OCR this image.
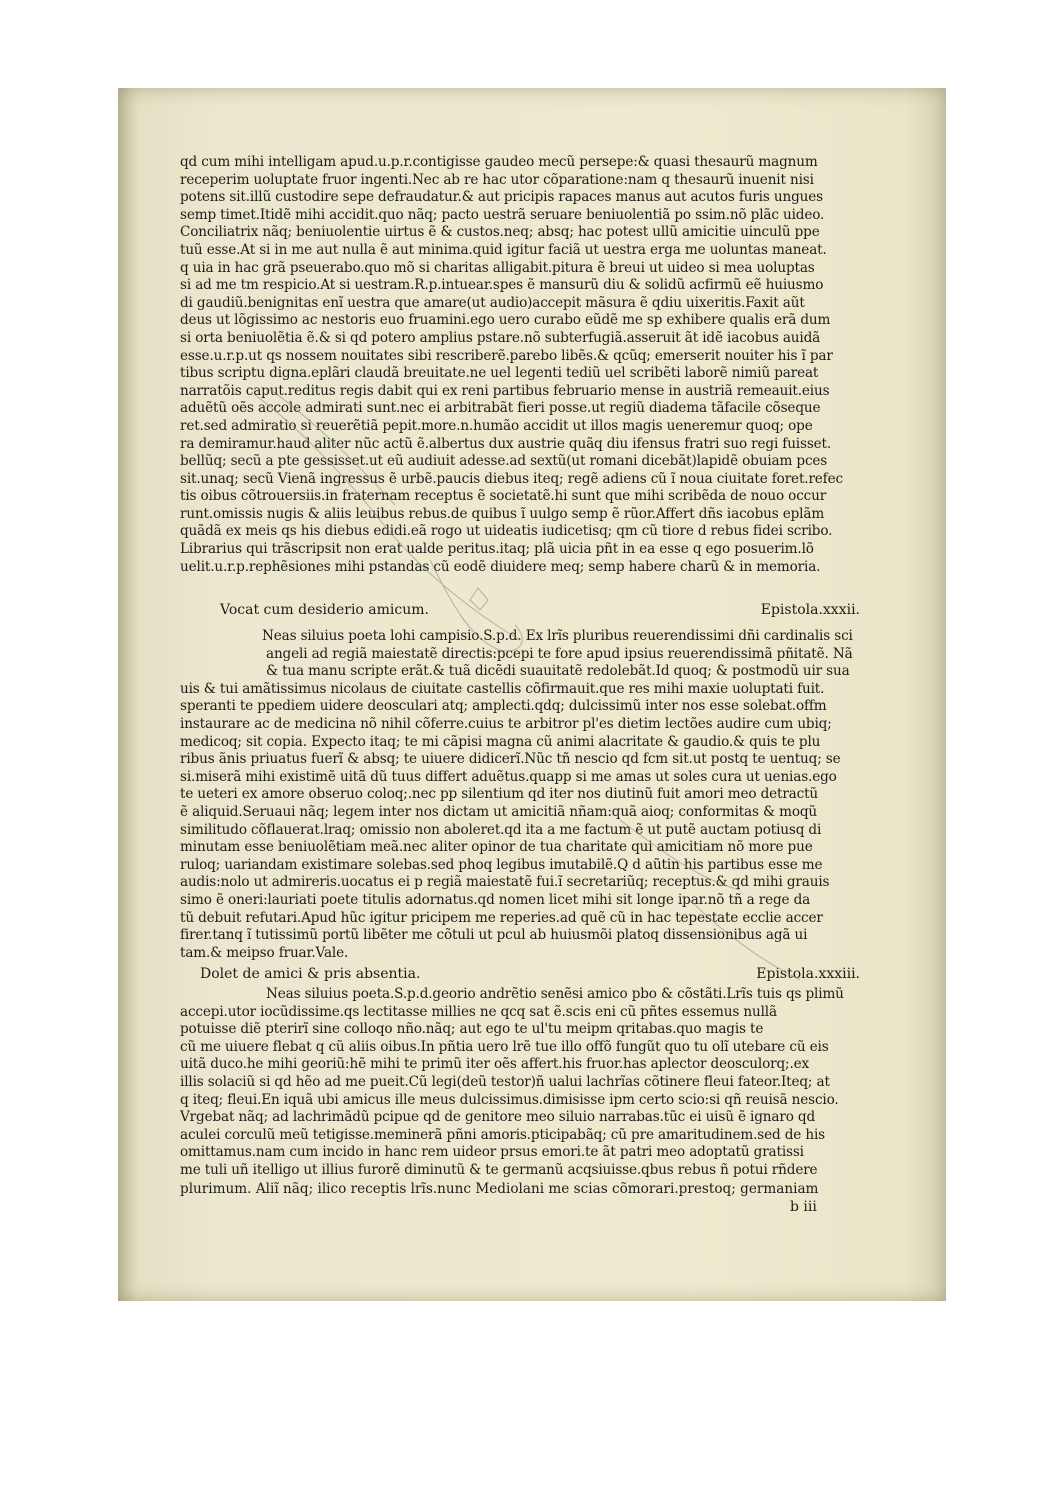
qd cum mihi intelligam apud.u.p.r.contigisse gaudeo mecũ persepe:& quasi thesaurũ magnum
receperim uoluptate fruor ingenti.Nec ab re hac utor cõparatione:nam q thesaurũ inuenit nisi
potens sit.illũ custodire sepe defraudatur.& aut pricipis rapaces manus aut acutos furis ungues
semp timet.Itidẽ mihi accidit.quo nãq; pacto uestrã seruare beniuolentiã po ssim.nõ plãc uideo.
Conciliatrix nãq; beniuolentie uirtus ẽ & custos.neq; absq; hac potest ullũ amicitie uinculũ ppe
tuũ esse.At si in me aut nulla ẽ aut minima.quid igitur faciã ut uestra erga me uoluntas maneat.
q uia in hac grã pseuerabo.quo mõ si charitas alligabit.pitura ẽ breui ut uideo si mea uoluptas
si ad me tm respicio.At si uestram.R.p.intuear.spes ẽ mansurũ diu & solidũ acfirmũ eẽ huiusmo
di gaudiũ.benignitas enĩ uestra que amare(ut audio)accepit mãsura ẽ qdiu uixeritis.Faxit aũt
deus ut lõgissimo ac nestoris euo fruamini.ego uero curabo eũdẽ me sp exhibere qualis erã dum
si orta beniuolẽtia ẽ.& si qd potero amplius pstare.nõ subterfugiã.asseruit ãt idẽ iacobus auidã
esse.u.r.p.ut qs nossem nouitates sibi rescriberẽ.parebo libẽs.& qcũq; emerserit nouiter his ĩ par
tibus scriptu digna.eplãri claudã breuitate.ne uel legenti tediũ uel scribẽti laborẽ nimiũ pareat
narratõis caput.reditus regis dabit qui ex reni partibus februario mense in austriã remeauit.eius
aduẽtũ oẽs accole admirati sunt.nec ei arbitrabãt fieri posse.ut regiũ diadema tãfacile cõseque
ret.sed admiratio si reuerẽtiã pepit.more.n.humão accidit ut illos magis ueneremur quoq; ope
ra demiramur.haud aliter nũc actũ ẽ.albertus dux austrie quãq diu ifensus fratri suo regi fuisset.
bellũq; secũ a pte gessisset.ut eũ audiuit adesse.ad sextũ(ut romani dicebãt)lapidẽ obuiam pces
sit.unaq; secũ Vienã ingressus ẽ urbẽ.paucis diebus iteq; regẽ adiens cũ ĩ noua ciuitate foret.refec
tis oibus cõtrouersiis.in fraternam receptus ẽ societatẽ.hi sunt que mihi scribẽda de nouo occur
runt.omissis nugis & aliis leuibus rebus.de quibus ĩ uulgo semp ẽ rũor.Affert dñs iacobus eplãm
quãdã ex meis qs his diebus edidi.eã rogo ut uideatis iudicetisq; qm cũ tiore d rebus fidei scribo.
Librarius qui trãscripsit non erat ualde peritus.itaq; plã uicia pñt in ea esse q ego posuerim.lõ
uelit.u.r.p.rephẽsiones mihi pstandas cũ eodẽ diuidere meq; semp habere charũ & in memoria.
Vocat cum desiderio amicum.	Epistola.xxxii.
Neas siluius poeta lohi campisio.S.p.d. Ex lrĩs pluribus reuerendissimi dñi cardinalis sci
angeli ad regiã maiestatẽ directis:pcepi te fore apud ipsius reuerendissimã pñitatẽ. Nã
& tua manu scripte erãt.& tuã dicẽdi suauitatẽ redolebãt.Id quoq; & postmodũ uir sua
uis & tui amãtissimus nicolaus de ciuitate castellis cõfirmauit.que res mihi maxie uoluptati fuit.
speranti te ppediem uidere deosculari atq; amplecti.qdq; dulcissimũ inter nos esse solebat.offm
instaurare ac de medicina nõ nihil cõferre.cuius te arbitror pl'es dietim lectões audire cum ubiq;
medicoq; sit copia. Expecto itaq; te mi cãpisi magna cũ animi alacritate & gaudio.& quis te plu
ribus ãnis priuatus fuerĩ & absq; te uiuere didicerĩ.Nũc tñ nescio qd fcm sit.ut postq te uentuq; se
si.miserã mihi existimẽ uitã dũ tuus differt aduẽtus.quapp si me amas ut soles cura ut uenias.ego
te ueteri ex amore obseruo coloq;.nec pp silentium qd iter nos diutinũ fuit amori meo detractũ
ẽ aliquid.Seruaui nãq; legem inter nos dictam ut amicitiã nñam:quã aioq; conformitas & moqũ
similitudo cõflauerat.lraq; omissio non aboleret.qd ita a me factum ẽ ut putẽ auctam potiusq di
minutam esse beniuolẽtiam meã.nec aliter opinor de tua charitate qui amicitiam nõ more pue
ruloq; uariandam existimare solebas.sed phoq legibus imutabilẽ.Q d aũtin his partibus esse me
audis:nolo ut admireris.uocatus ei p regiã maiestatẽ fui.ĩ secretariũq; receptus.& qd mihi grauis
simo ẽ oneri:lauriati poete titulis adornatus.qd nomen licet mihi sit longe ipar.nõ tñ a rege da
tũ debuit refutari.Apud hũc igitur pricipem me reperies.ad quẽ cũ in hac tepestate ecclie accer
firer.tanq ĩ tutissimũ portũ libẽter me cõtuli ut pcul ab huiusmõi platoq dissensionibus agã ui
tam.& meipso fruar.Vale.
Dolet de amici & pris absentia.	Epistola.xxxiii.
Neas siluius poeta.S.p.d.georio andrẽtio senẽsi amico pbo & cõstãti.Lrĩs tuis qs plimũ
accepi.utor iocũdissime.qs lectitasse millies ne qcq sat ẽ.scis eni cũ pñtes essemus nullã
potuisse diẽ pterirĩ sine colloqo nño.nãq; aut ego te ul'tu meipm qritabas.quo magis te
cũ me uiuere flebat q cũ aliis oibus.In pñtia uero lrẽ tue illo offõ fungũt quo tu olĩ utebare cũ eis
uitã duco.he mihi georiũ:hẽ mihi te primũ iter oẽs affert.his fruor.has aplector deosculorq;.ex
illis solaciũ si qd hẽo ad me pueit.Cũ legi(deũ testor)ñ ualui lachrĩas cõtinere fleui fateor.Iteq; at
q iteq; fleui.En iquã ubi amicus ille meus dulcissimus.dimisisse ipm certo scio:si qñ reuisã nescio.
Vrgebat nãq; ad lachrimãdũ pcipue qd de genitore meo siluio narrabas.tũc ei uisũ ẽ ignaro qd
aculei corculũ meũ tetigisse.meminerã pñni amoris.pticipabãq; cũ pre amaritudinem.sed de his
omittamus.nam cum incido in hanc rem uideor prsus emori.te ãt patri meo adoptatũ gratissi
me tuli uñ itelligo ut illius furorẽ diminutũ & te germanũ acqsiuisse.qbus rebus ñ potui rñdere
plurimum. Aliĩ nãq; ilico receptis lrĩs.nunc Mediolani me scias cõmorari.prestoq; germaniam
b iii
